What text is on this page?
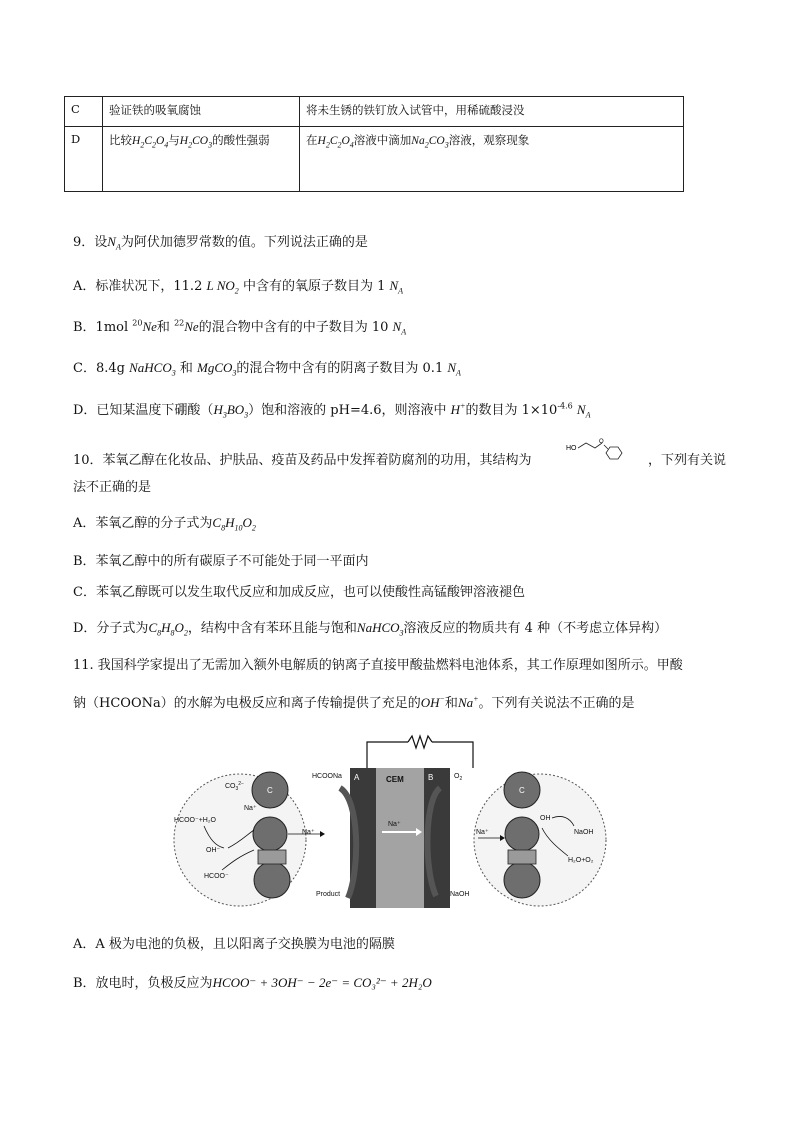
C	验证铁的吸氧腐蚀	将未生锈的铁钉放入试管中，用稀硫酸浸没
D	比较$H_2C_2O_4$与$H_2CO_3$的酸性强弱	在$H_2C_2O_4$溶液中滴加$Na_2CO_3$溶液，观察现象
9．设$N_A$为阿伏加德罗常数的值。下列说法正确的是
A．标准状况下，11.2 L $NO_2$ 中含有的氧原子数目为 1 $N_A$
B．1mol $^{20}$Ne和 $^{22}$Ne的混合物中含有的中子数目为 10 $N_A$
C．8.4g NaHCO$_3$ 和 MgCO$_3$的混合物中含有的阴离子数目为 0.1 $N_A$
D．已知某温度下硼酸$(H_3BO_3)$饱和溶液的 pH=4.6，则溶液中 H+的数目为 $1\times 10^{-4.6}$ $N_A$
10．苯氧乙醇在化妆品、护肤品、疫苗及药品中发挥着防腐剂的功用，其结构为
HO
O
，下列有关说
法不正确的是
A．苯氧乙醇的分子式为$C_8H_{10}O_2$
B．苯氧乙醇中的所有碳原子不可能处于同一平面内
C．苯氧乙醇既可以发生取代反应和加成反应，也可以使酸性高锰酸钾溶液褪色
D．分子式为$C_8H_8O_2$，结构中含有苯环且能与饱和NaHCO$_3$溶液反应的物质共有 4 种（不考虑立体异构）
11. 我国科学家提出了无需加入额外电解质的钠离子直接甲酸盐燃料电池体系，其工作原理如图所示。甲酸
钠（HCOONa）的水解为电极反应和离子传输提供了充足的OH−和Na+。下列有关说法不正确的是
A	B
CEM
HCOONa	$O_2$
Na⁺
Product	NaOH
C
$CO_3^{2-}$
Na⁺
Na⁺
HCOO⁻+H₂O
OH⁻
HCOO⁻
C
Na⁺
OH
NaOH
H₂O+O₂
A．A 极为电池的负极，且以阳离子交换膜为电池的隔膜
B．放电时，负极反应为HCOO⁻ + 3OH⁻ − 2e⁻ = CO₃²⁻ + 2H₂O
